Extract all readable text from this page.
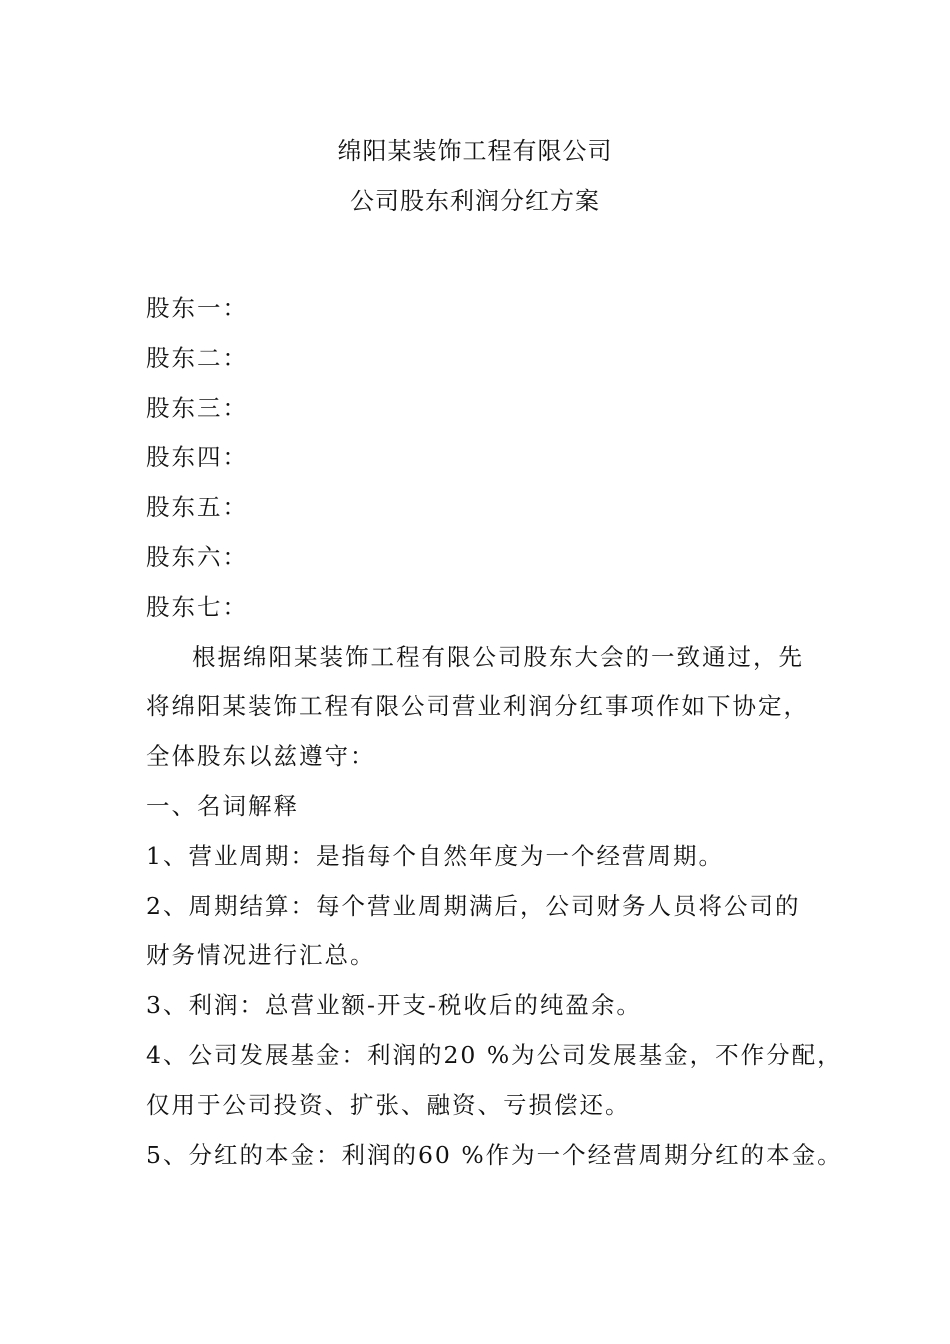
绵阳某装饰工程有限公司
公司股东利润分红方案
股东一：
股东二：
股东三：
股东四：
股东五：
股东六：
股东七：
根据绵阳某装饰工程有限公司股东大会的一致通过，先
将绵阳某装饰工程有限公司营业利润分红事项作如下协定，
全体股东以兹遵守：
一、名词解释
1、营业周期：是指每个自然年度为一个经营周期。
2、周期结算：每个营业周期满后，公司财务人员将公司的
财务情况进行汇总。
3、利润：总营业额-开支-税收后的纯盈余。
4、公司发展基金：利润的20 %为公司发展基金，不作分配，
仅用于公司投资、扩张、融资、亏损偿还。
5、分红的本金：利润的60 %作为一个经营周期分红的本金。
